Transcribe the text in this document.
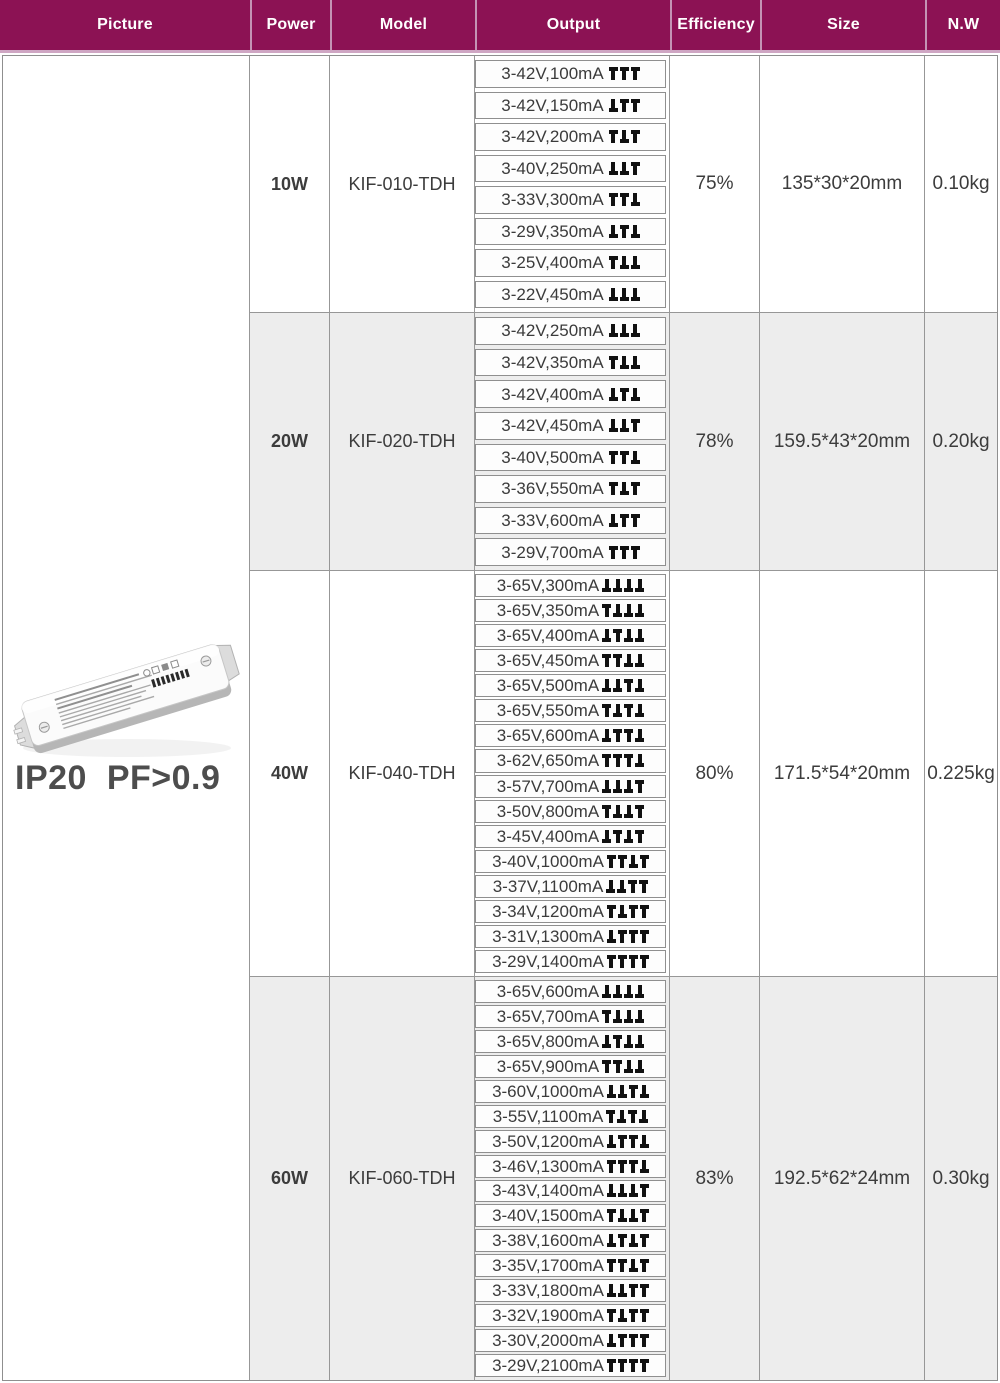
Picture	Power	Model	Output	Efficiency	Size	N.W
IP20  PF>0.9
10W	KIF-010-TDH
3-42V,100mA
3-42V,150mA
3-42V,200mA
3-40V,250mA
3-33V,300mA
3-29V,350mA
3-25V,400mA
3-22V,450mA
75%	135*30*20mm	0.10kg
20W	KIF-020-TDH
3-42V,250mA
3-42V,350mA
3-42V,400mA
3-42V,450mA
3-40V,500mA
3-36V,550mA
3-33V,600mA
3-29V,700mA
78%	159.5*43*20mm	0.20kg
40W	KIF-040-TDH
3-65V,300mA
3-65V,350mA
3-65V,400mA
3-65V,450mA
3-65V,500mA
3-65V,550mA
3-65V,600mA
3-62V,650mA
3-57V,700mA
3-50V,800mA
3-45V,400mA
3-40V,1000mA
3-37V,1100mA
3-34V,1200mA
3-31V,1300mA
3-29V,1400mA
80%	171.5*54*20mm 0.225kg
60W	KIF-060-TDH
3-65V,600mA
3-65V,700mA
3-65V,800mA
3-65V,900mA
3-60V,1000mA
3-55V,1100mA
3-50V,1200mA
3-46V,1300mA
3-43V,1400mA
3-40V,1500mA
3-38V,1600mA
3-35V,1700mA
3-33V,1800mA
3-32V,1900mA
3-30V,2000mA
3-29V,2100mA
83%	192.5*62*24mm	0.30kg
